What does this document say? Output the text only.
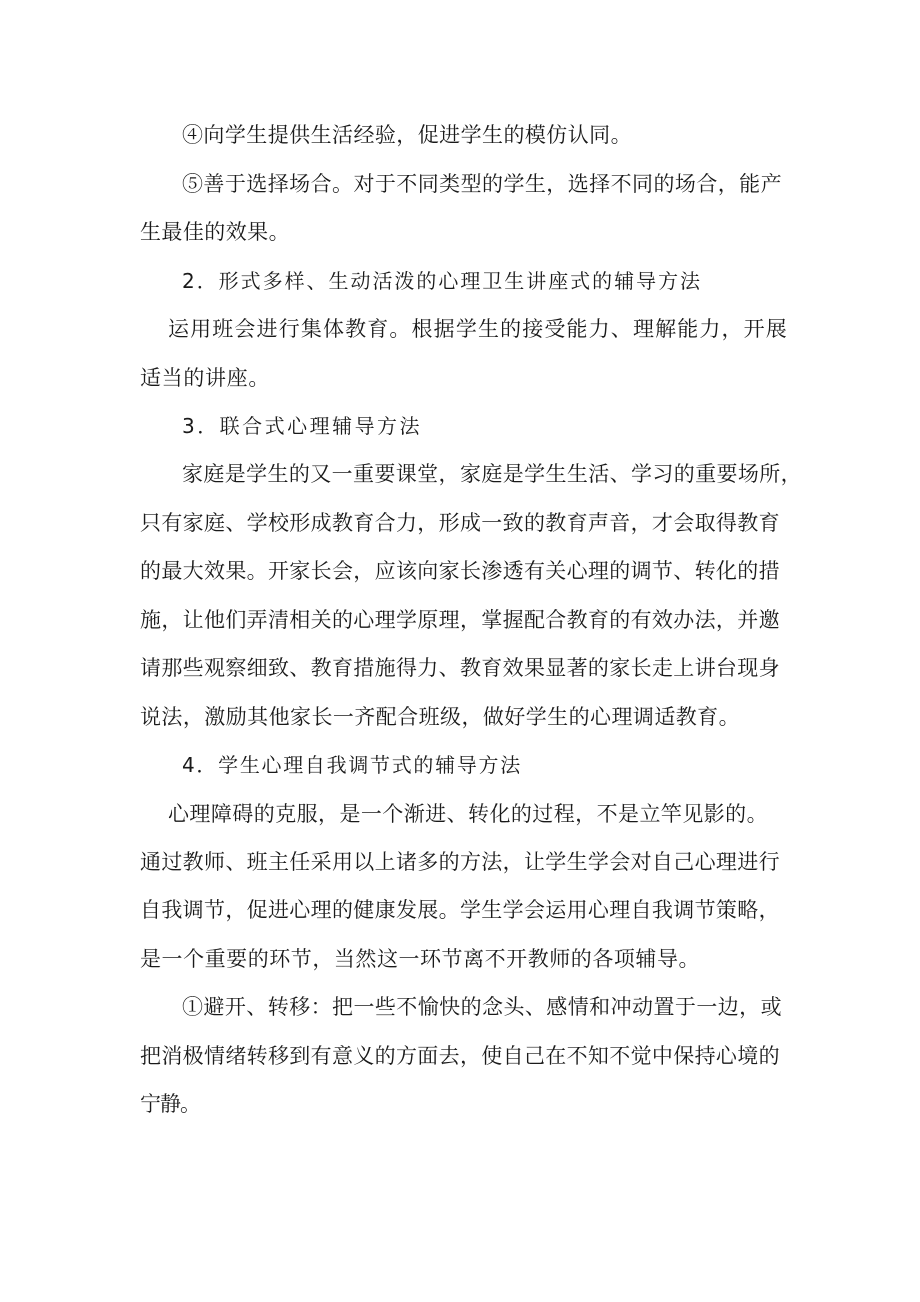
④向学生提供生活经验，促进学生的模仿认同。
⑤善于选择场合。对于不同类型的学生，选择不同的场合，能产
生最佳的效果。
2．形式多样、生动活泼的心理卫生讲座式的辅导方法
运用班会进行集体教育。根据学生的接受能力、理解能力，开展
适当的讲座。
3．联合式心理辅导方法
家庭是学生的又一重要课堂，家庭是学生生活、学习的重要场所，
只有家庭、学校形成教育合力，形成一致的教育声音，才会取得教育
的最大效果。开家长会，应该向家长渗透有关心理的调节、转化的措
施，让他们弄清相关的心理学原理，掌握配合教育的有效办法，并邀
请那些观察细致、教育措施得力、教育效果显著的家长走上讲台现身
说法，激励其他家长一齐配合班级，做好学生的心理调适教育。
4．学生心理自我调节式的辅导方法
心理障碍的克服，是一个渐进、转化的过程，不是立竿见影的。
通过教师、班主任采用以上诸多的方法，让学生学会对自己心理进行
自我调节，促进心理的健康发展。学生学会运用心理自我调节策略，
是一个重要的环节，当然这一环节离不开教师的各项辅导。
①避开、转移：把一些不愉快的念头、感情和冲动置于一边，或
把消极情绪转移到有意义的方面去，使自己在不知不觉中保持心境的
宁静。
